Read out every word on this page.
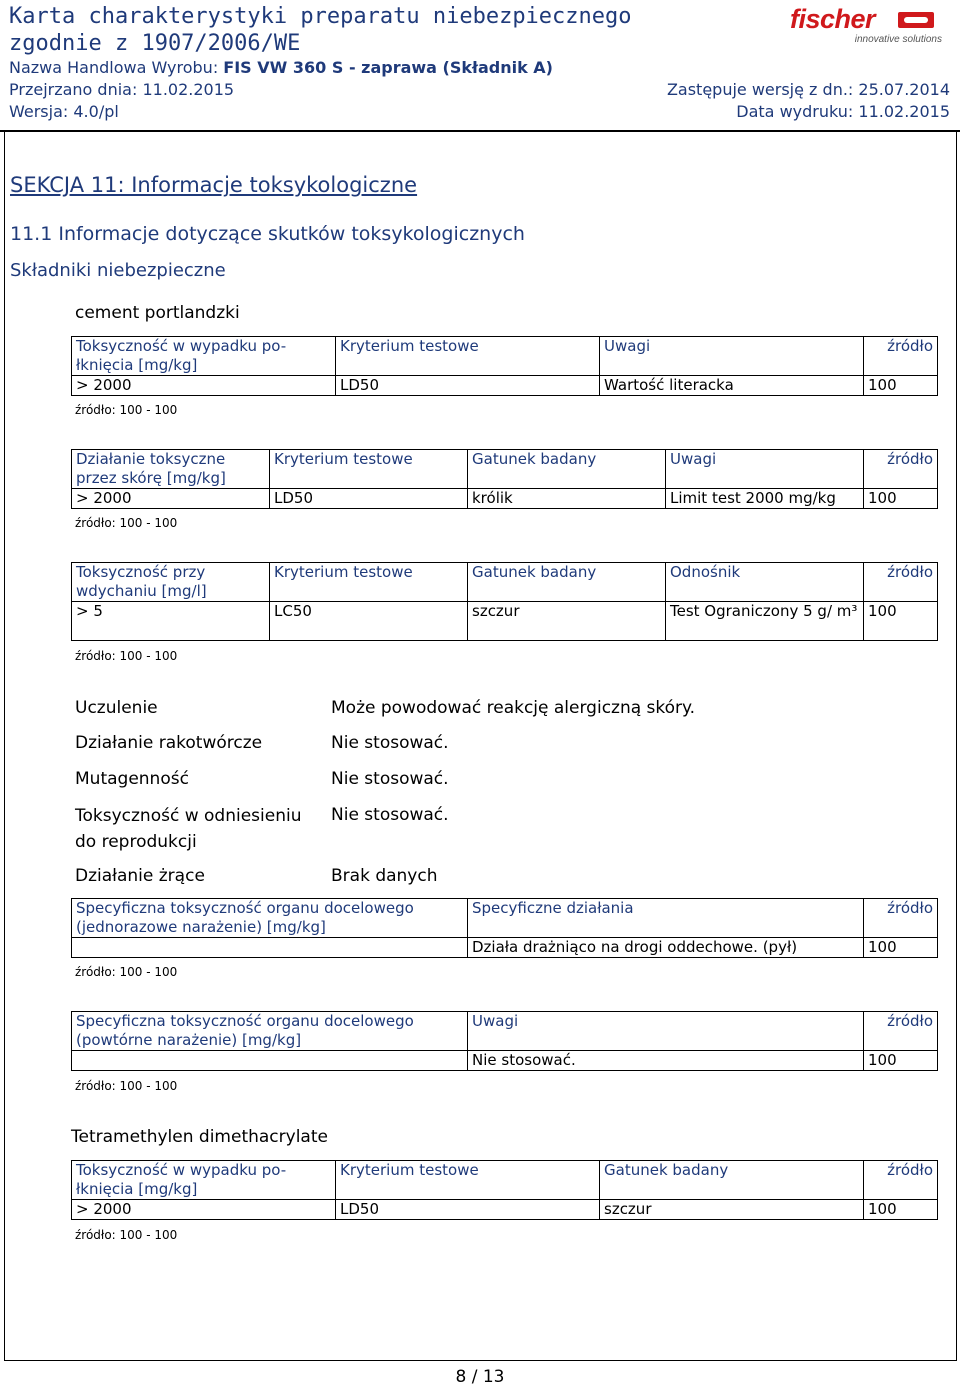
Karta charakterystyki preparatu niebezpiecznego
zgodnie z 1907/2006/WE
Nazwa Handlowa Wyrobu: FIS VW 360 S - zaprawa (Składnik A)
Przejrzano dnia: 11.02.2015	Zastępuje wersję z dn.: 25.07.2014
Wersja: 4.0/pl	Data wydruku: 11.02.2015
fischer
innovative solutions
SEKCJA 11: Informacje toksykologiczne
11.1 Informacje dotyczące skutków toksykologicznych
Składniki niebezpieczne
cement portlandzki
Toksyczność w wypadku po-łknięcia [mg/kg]	Kryterium testowe	Uwagi	źródło
> 2000	LD50	Wartość literacka	100
źródło: 100 - 100
Działanie toksyczne przez skórę [mg/kg]	Kryterium testowe	Gatunek badany	Uwagi	źródło
> 2000	LD50	królik	Limit test 2000 mg/kg	100
źródło: 100 - 100
Toksyczność przy wdychaniu [mg/l]	Kryterium testowe	Gatunek badany	Odnośnik	źródło
> 5	LC50	szczur	Test Ograniczony 5 g/ m³	100
źródło: 100 - 100
Uczulenie	Może powodować reakcję alergiczną skóry.
Działanie rakotwórcze	Nie stosować.
Mutagenność	Nie stosować.
Toksyczność w odniesieniu do reprodukcji
Nie stosować.
Działanie żrące	Brak danych
Specyficzna toksyczność organu docelowego (jednorazowe narażenie) [mg/kg]	Specyficzne działania	źródło
	Działa drażniąco na drogi oddechowe. (pył)	100
źródło: 100 - 100
Specyficzna toksyczność organu docelowego (powtórne narażenie) [mg/kg]	Uwagi	źródło
	Nie stosować.	100
źródło: 100 - 100
Tetramethylen dimethacrylate
Toksyczność w wypadku po-łknięcia [mg/kg]	Kryterium testowe	Gatunek badany	źródło
> 2000	LD50	szczur	100
źródło: 100 - 100
8 / 13
